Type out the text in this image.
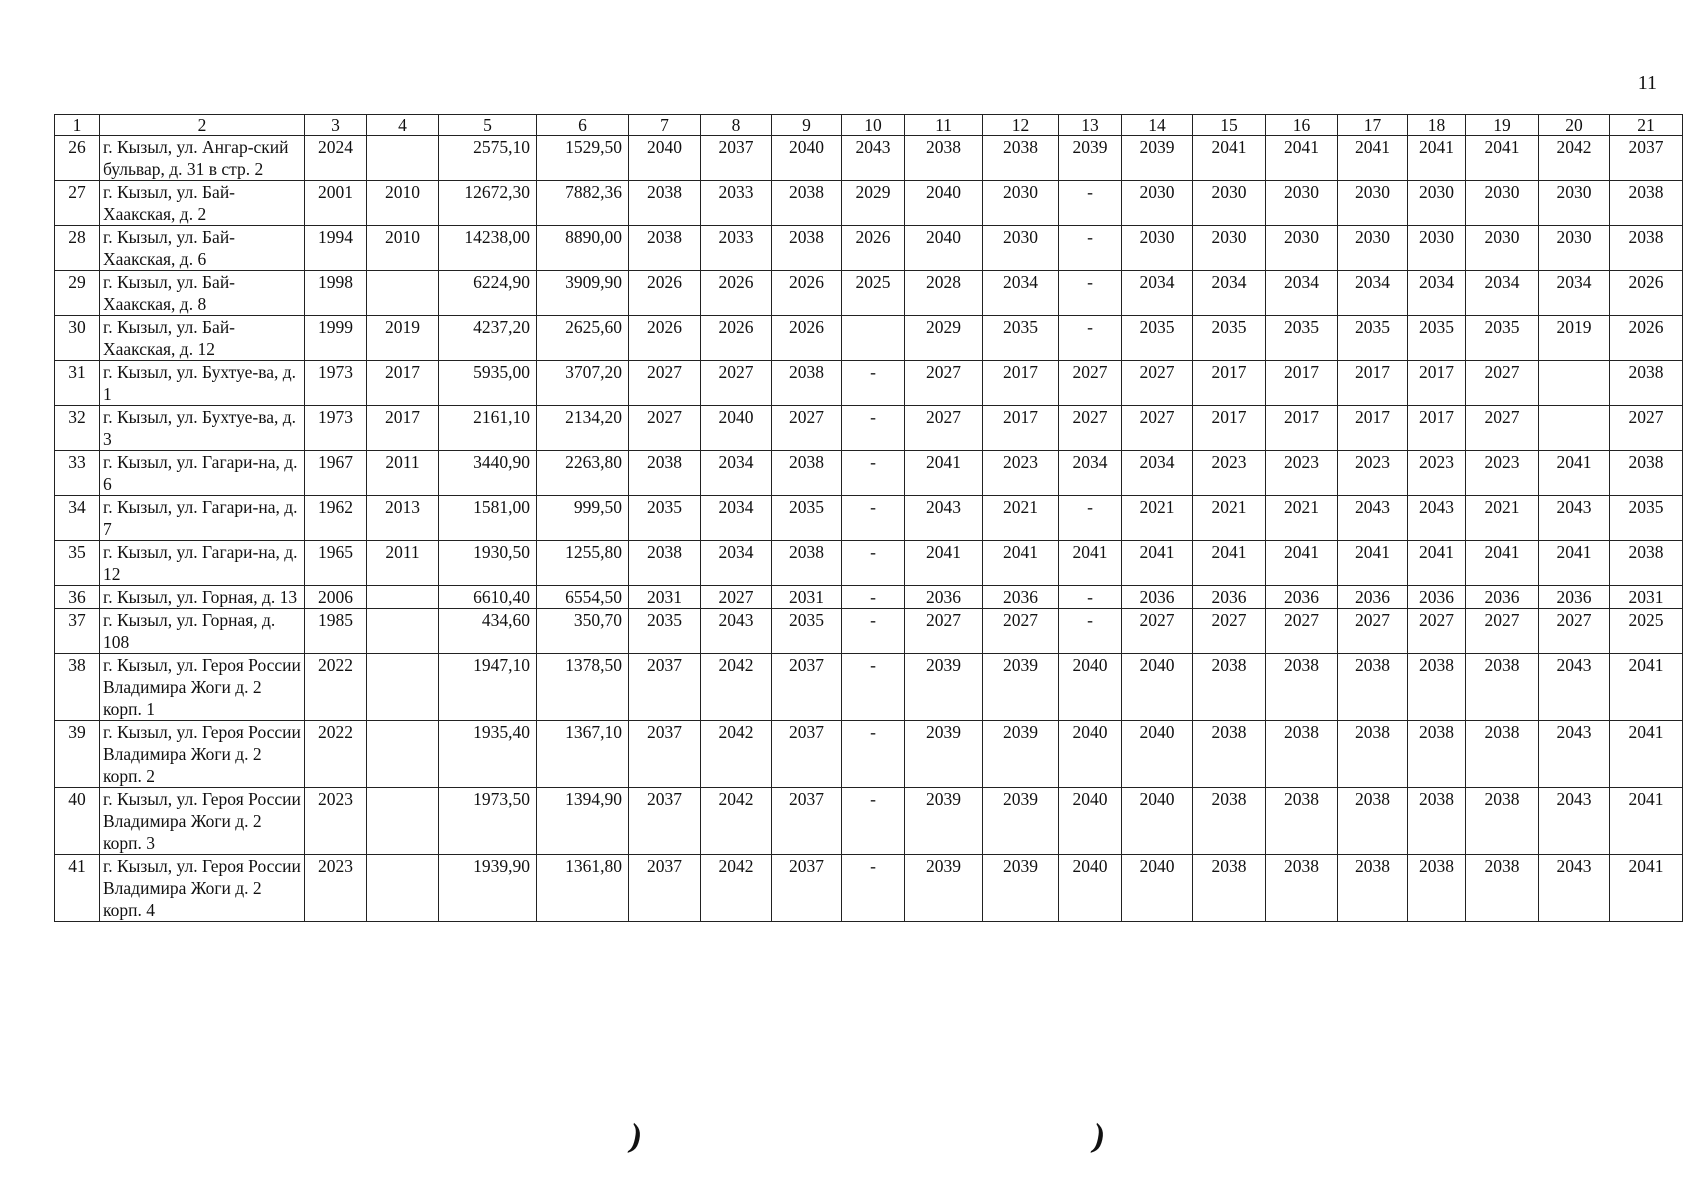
11
1	2	3	4	5	6	7	8	9	10	11	12	13	14	15	16	17	18	19	20	21
26	г. Кызыл, ул. Ангар-ский бульвар, д. 31 в стр. 2	2024		2575,10	1529,50	2040	2037	2040	2043	2038	2038	2039	2039	2041	2041	2041	2041	2041	2042	2037
27	г. Кызыл, ул. Бай-Хаакская, д. 2	2001	2010	12672,30	7882,36	2038	2033	2038	2029	2040	2030	-	2030	2030	2030	2030	2030	2030	2030	2038
28	г. Кызыл, ул. Бай-Хаакская, д. 6	1994	2010	14238,00	8890,00	2038	2033	2038	2026	2040	2030	-	2030	2030	2030	2030	2030	2030	2030	2038
29	г. Кызыл, ул. Бай-Хаакская, д. 8	1998		6224,90	3909,90	2026	2026	2026	2025	2028	2034	-	2034	2034	2034	2034	2034	2034	2034	2026
30	г. Кызыл, ул. Бай-Хаакская, д. 12	1999	2019	4237,20	2625,60	2026	2026	2026		2029	2035	-	2035	2035	2035	2035	2035	2035	2019	2026
31	г. Кызыл, ул. Бухтуе-ва, д. 1	1973	2017	5935,00	3707,20	2027	2027	2038	-	2027	2017	2027	2027	2017	2017	2017	2017	2027		2038
32	г. Кызыл, ул. Бухтуе-ва, д. 3	1973	2017	2161,10	2134,20	2027	2040	2027	-	2027	2017	2027	2027	2017	2017	2017	2017	2027		2027
33	г. Кызыл, ул. Гагари-на, д. 6	1967	2011	3440,90	2263,80	2038	2034	2038	-	2041	2023	2034	2034	2023	2023	2023	2023	2023	2041	2038
34	г. Кызыл, ул. Гагари-на, д. 7	1962	2013	1581,00	999,50	2035	2034	2035	-	2043	2021	-	2021	2021	2021	2043	2043	2021	2043	2035
35	г. Кызыл, ул. Гагари-на, д. 12	1965	2011	1930,50	1255,80	2038	2034	2038	-	2041	2041	2041	2041	2041	2041	2041	2041	2041	2041	2038
36	г. Кызыл, ул. Горная, д. 13	2006		6610,40	6554,50	2031	2027	2031	-	2036	2036	-	2036	2036	2036	2036	2036	2036	2036	2031
37	г. Кызыл, ул. Горная, д. 108	1985		434,60	350,70	2035	2043	2035	-	2027	2027	-	2027	2027	2027	2027	2027	2027	2027	2025
38	г. Кызыл, ул. Героя России Владимира Жоги д. 2 корп. 1	2022		1947,10	1378,50	2037	2042	2037	-	2039	2039	2040	2040	2038	2038	2038	2038	2038	2043	2041
39	г. Кызыл, ул. Героя России Владимира Жоги д. 2 корп. 2	2022		1935,40	1367,10	2037	2042	2037	-	2039	2039	2040	2040	2038	2038	2038	2038	2038	2043	2041
40	г. Кызыл, ул. Героя России Владимира Жоги д. 2 корп. 3	2023		1973,50	1394,90	2037	2042	2037	-	2039	2039	2040	2040	2038	2038	2038	2038	2038	2043	2041
41	г. Кызыл, ул. Героя России Владимира Жоги д. 2 корп. 4	2023		1939,90	1361,80	2037	2042	2037	-	2039	2039	2040	2040	2038	2038	2038	2038	2038	2043	2041
)	)
